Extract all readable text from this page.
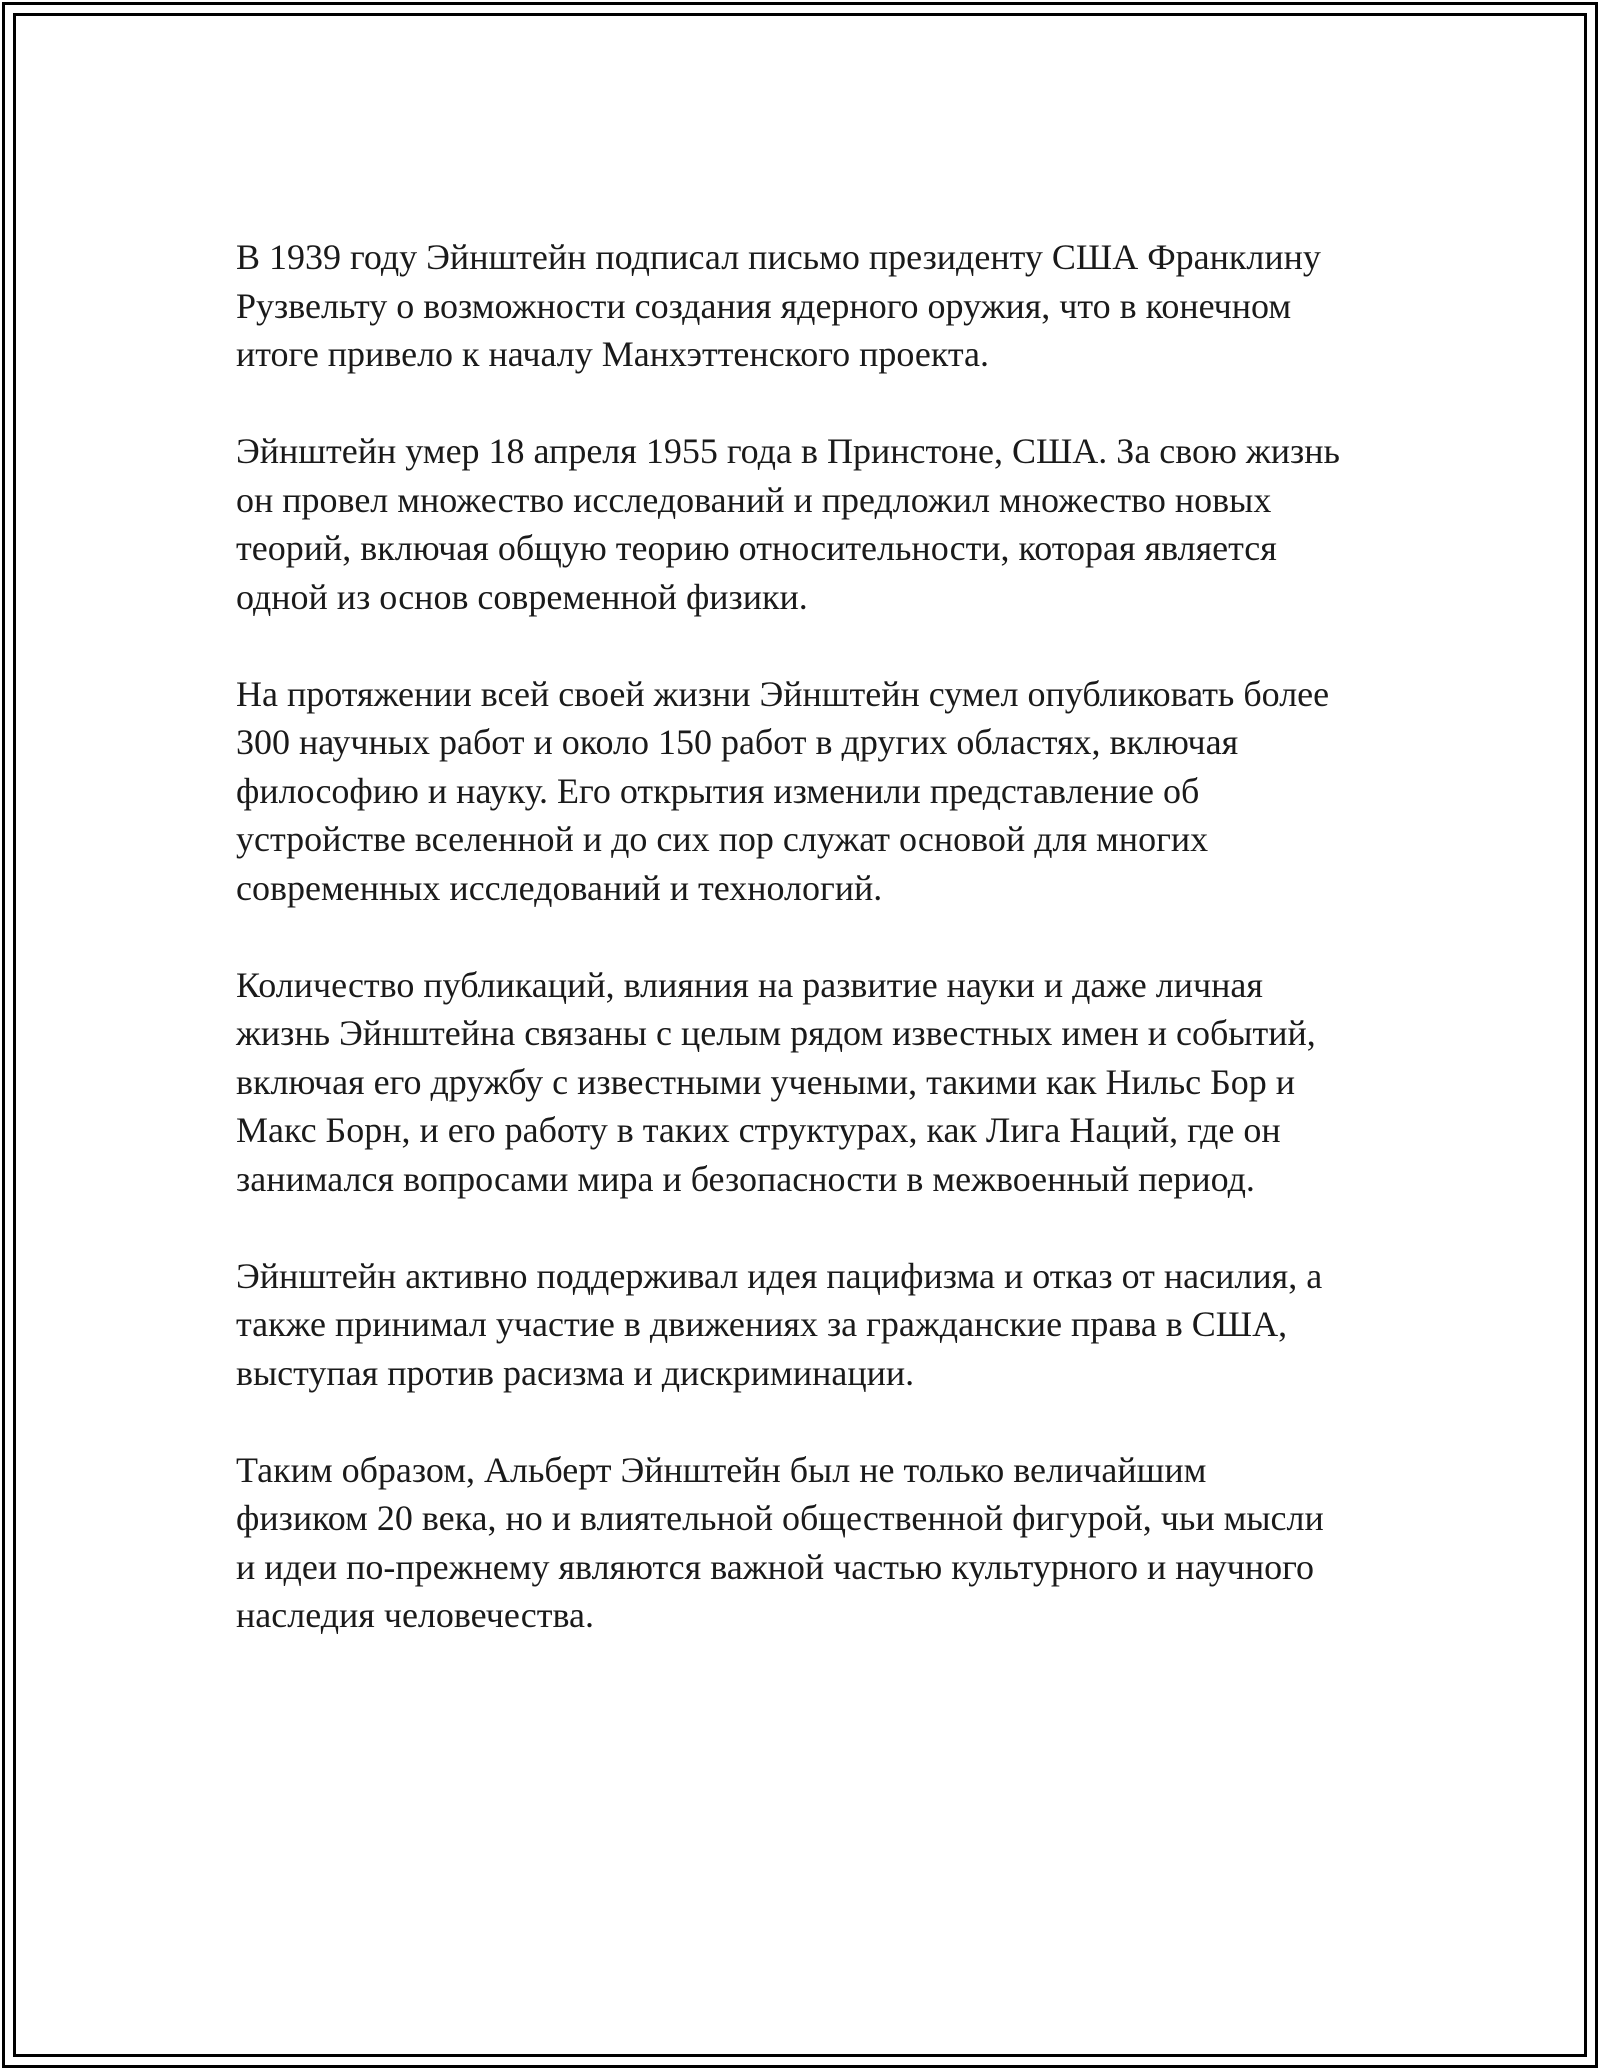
В 1939 году Эйнштейн подписал письмо президенту США Франклину
Рузвельту о возможности создания ядерного оружия, что в конечном
итоге привело к началу Манхэттенского проекта.

Эйнштейн умер 18 апреля 1955 года в Принстоне, США. За свою жизнь
он провел множество исследований и предложил множество новых
теорий, включая общую теорию относительности, которая является
одной из основ современной физики.

На протяжении всей своей жизни Эйнштейн сумел опубликовать более
300 научных работ и около 150 работ в других областях, включая
философию и науку. Его открытия изменили представление об
устройстве вселенной и до сих пор служат основой для многих
современных исследований и технологий.

Количество публикаций, влияния на развитие науки и даже личная
жизнь Эйнштейна связаны с целым рядом известных имен и событий,
включая его дружбу с известными учеными, такими как Нильс Бор и
Макс Борн, и его работу в таких структурах, как Лига Наций, где он
занимался вопросами мира и безопасности в межвоенный период.

Эйнштейн активно поддерживал идея пацифизма и отказ от насилия, а
также принимал участие в движениях за гражданские права в США,
выступая против расизма и дискриминации.

Таким образом, Альберт Эйнштейн был не только величайшим
физиком 20 века, но и влиятельной общественной фигурой, чьи мысли
и идеи по-прежнему являются важной частью культурного и научного
наследия человечества.
